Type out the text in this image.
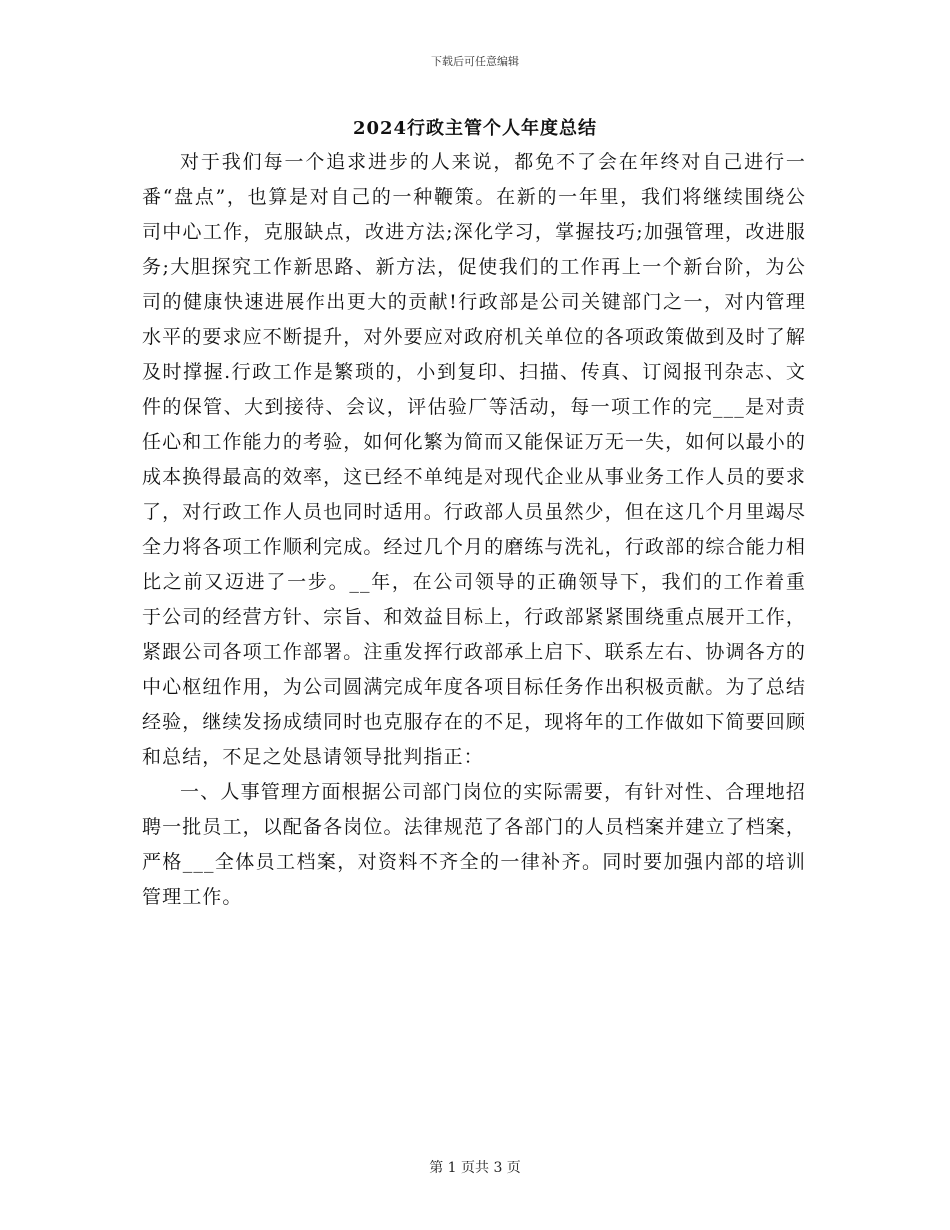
下载后可任意编辑
2024行政主管个人年度总结

对于我们每一个追求进步的人来说，都免不了会在年终对自己进行一番“盘点”，也算是对自己的一种鞭策。在新的一年里，我们将继续围绕公司中心工作，克服缺点，改进方法;深化学习，掌握技巧;加强管理，改进服务;大胆探究工作新思路、新方法，促使我们的工作再上一个新台阶，为公司的健康快速进展作出更大的贡献!行政部是公司关键部门之一，对内管理水平的要求应不断提升，对外要应对政府机关单位的各项政策做到及时了解及时撑握.行政工作是繁琐的，小到复印、扫描、传真、订阅报刊杂志、文件的保管、大到接待、会议，评估验厂等活动，每一项工作的完___是对责任心和工作能力的考验，如何化繁为简而又能保证万无一失，如何以最小的成本换得最高的效率，这已经不单纯是对现代企业从事业务工作人员的要求了，对行政工作人员也同时适用。行政部人员虽然少，但在这几个月里竭尽全力将各项工作顺利完成。经过几个月的磨练与洗礼，行政部的综合能力相比之前又迈进了一步。__年，在公司领导的正确领导下，我们的工作着重于公司的经营方针、宗旨、和效益目标上，行政部紧紧围绕重点展开工作，紧跟公司各项工作部署。注重发挥行政部承上启下、联系左右、协调各方的中心枢纽作用，为公司圆满完成年度各项目标任务作出积极贡献。为了总结经验，继续发扬成绩同时也克服存在的不足，现将年的工作做如下简要回顾和总结，不足之处恳请领导批判指正：

一、人事管理方面根据公司部门岗位的实际需要，有针对性、合理地招聘一批员工，以配备各岗位。法律规范了各部门的人员档案并建立了档案，严格___全体员工档案，对资料不齐全的一律补齐。同时要加强内部的培训管理工作。

第 1 页共 3 页
